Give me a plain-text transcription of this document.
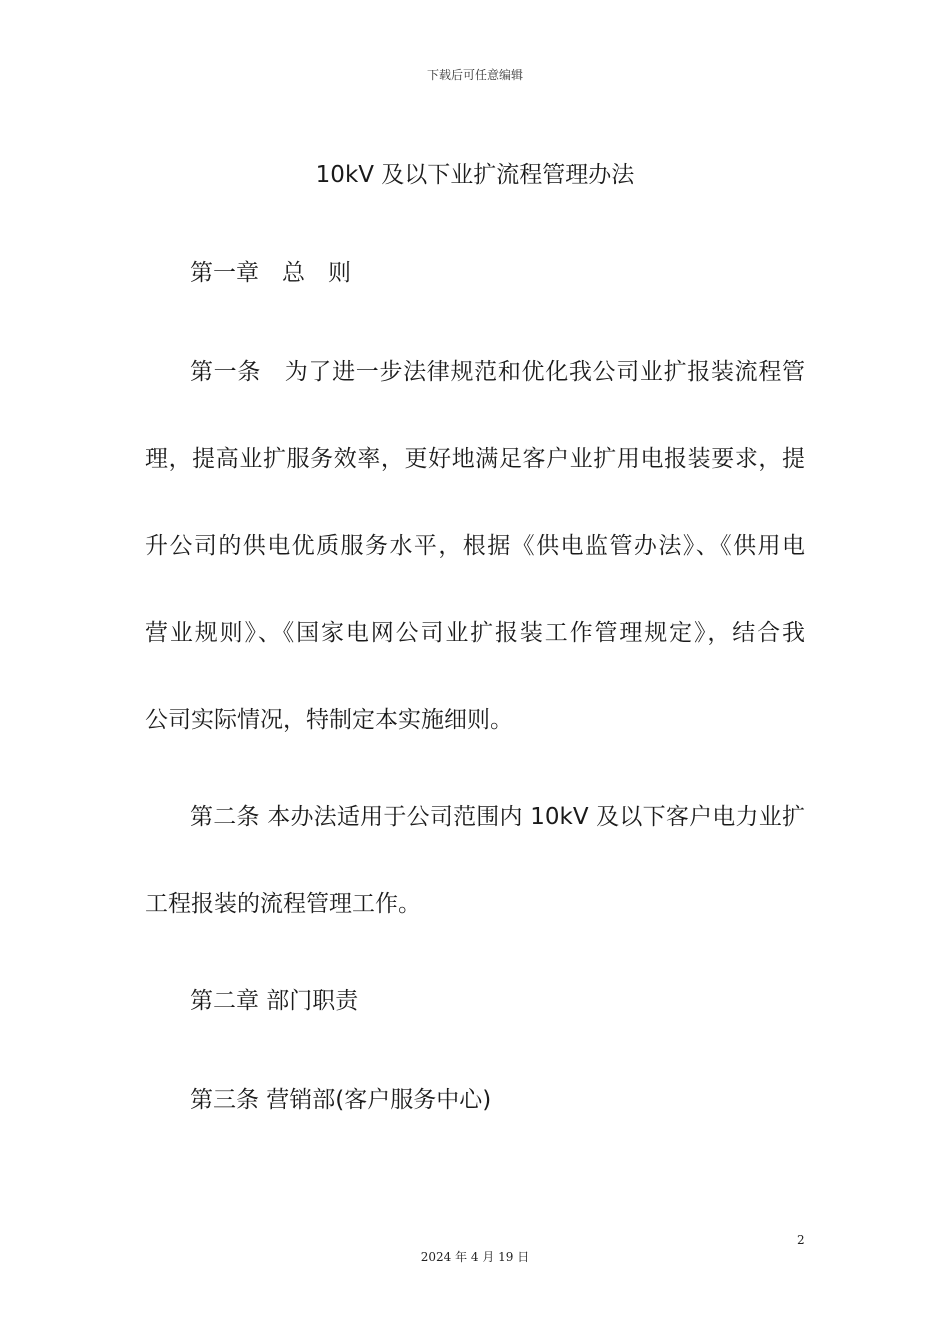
下载后可任意编辑
10kV 及以下业扩流程管理办法
第一章　总　则
第一条　为了进一步法律规范和优化我公司业扩报装流程管
理，提高业扩服务效率，更好地满足客户业扩用电报装要求，提
升公司的供电优质服务水平，根据《供电监管办法》、《供用电
营业规则》、《国家电网公司业扩报装工作管理规定》，结合我
公司实际情况，特制定本实施细则。
第二条 本办法适用于公司范围内 10kV 及以下客户电力业扩
工程报装的流程管理工作。
第二章 部门职责
第三条 营销部(客户服务中心)
2
2024 年 4 月 19 日
